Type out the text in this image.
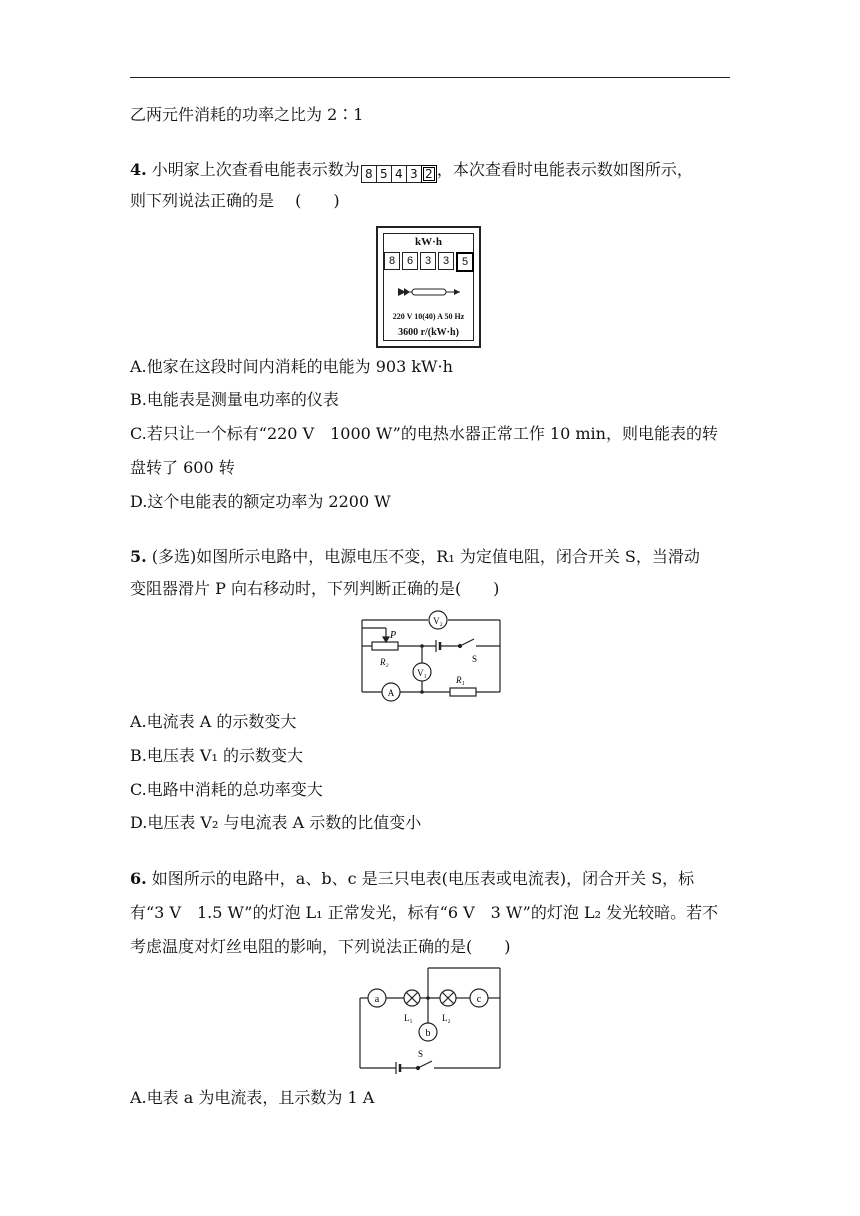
乙两元件消耗的功率之比为 2∶1
4. 小明家上次查看电能表示数为 8 5 4 3 2 ，本次查看时电能表示数如图所示，
则下列说法正确的是　 (　　)
kW·h
8	6	3	3	5
220 V 10(40) A 50 Hz
3600 r/(kW·h)
A.他家在这段时间内消耗的电能为 903 kW·h
B.电能表是测量电功率的仪表
C.若只让一个标有“220 V　1000 W”的电热水器正常工作 10 min，则电能表的转
盘转了 600 转
D.这个电能表的额定功率为 2200 W
5. (多选)如图所示电路中，电源电压不变，R₁ 为定值电阻，闭合开关 S，当滑动
变阻器滑片 P 向右移动时，下列判断正确的是(　　)
V₂
P
R₂
V₁
R₁
S
A
A.电流表 A 的示数变大
B.电压表 V₁ 的示数变大
C.电路中消耗的总功率变大
D.电压表 V₂ 与电流表 A 示数的比值变小
6. 如图所示的电路中，a、b、c 是三只电表(电压表或电流表)，闭合开关 S，标
有“3 V　1.5 W”的灯泡 L₁ 正常发光，标有“6 V　3 W”的灯泡 L₂ 发光较暗。若不
考虑温度对灯丝电阻的影响，下列说法正确的是(　　)
a	c
b
L₁	L₂
S
A.电表 a 为电流表，且示数为 1 A
